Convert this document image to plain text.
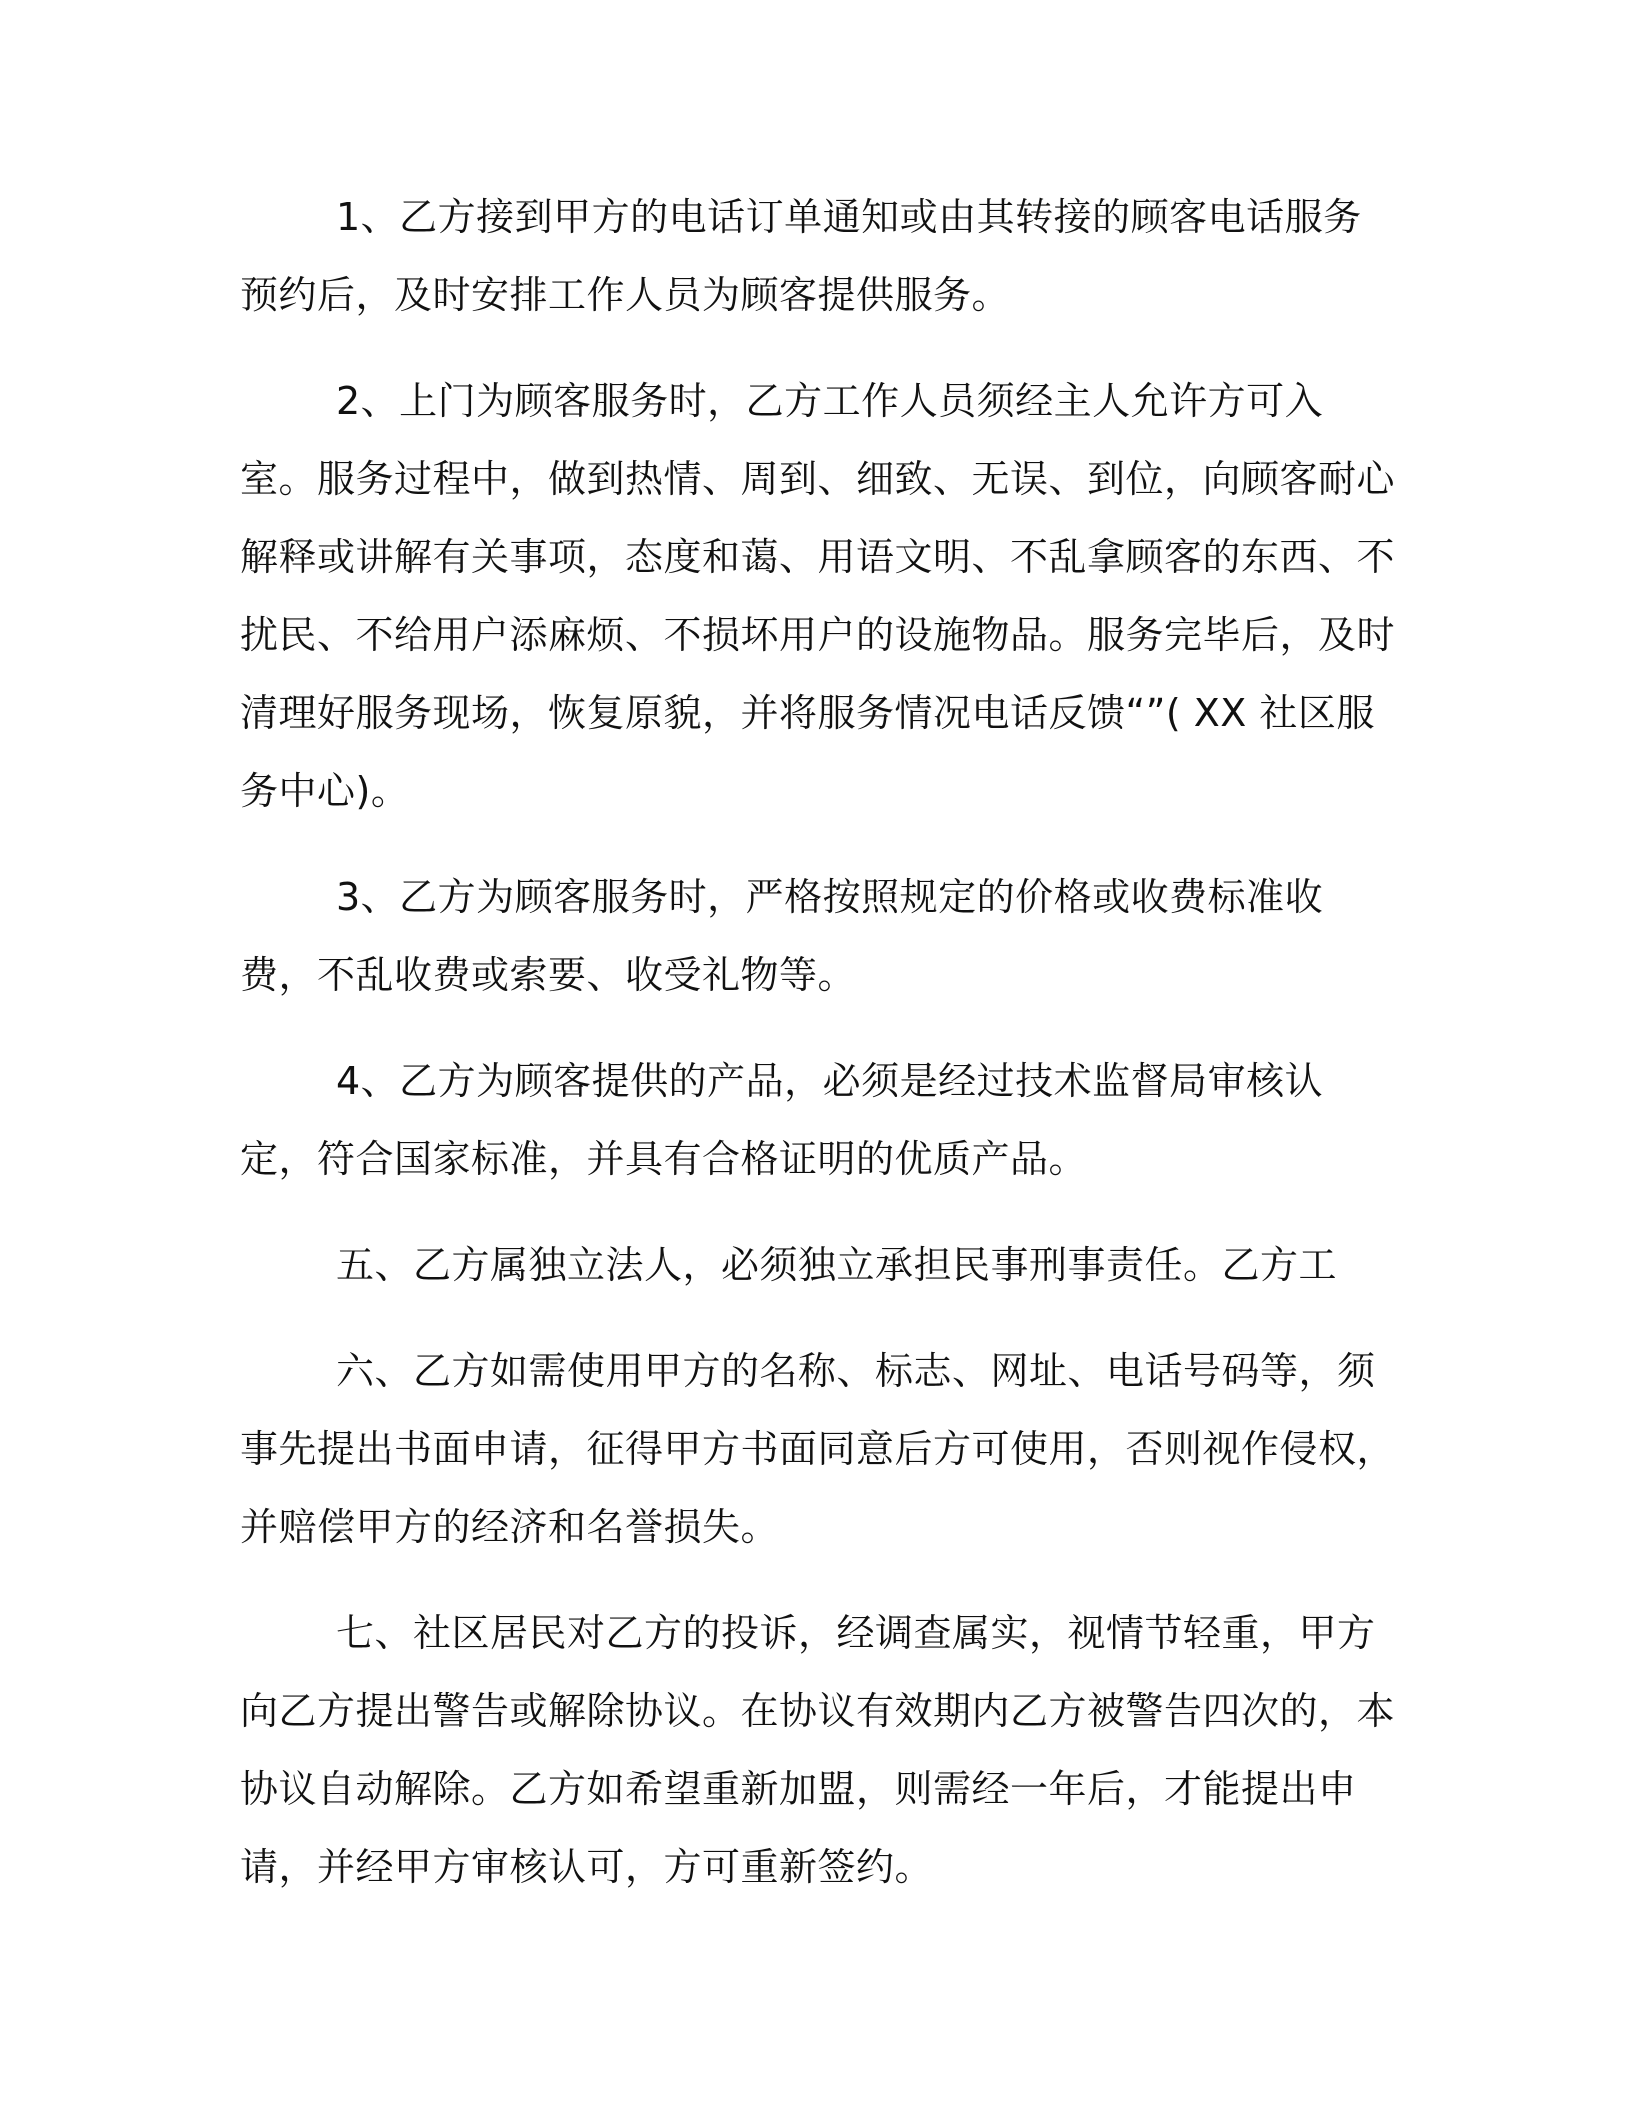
1、乙方接到甲方的电话订单通知或由其转接的顾客电话服务预约后，及时安排工作人员为顾客提供服务。

2、上门为顾客服务时，乙方工作人员须经主人允许方可入室。服务过程中，做到热情、周到、细致、无误、到位，向顾客耐心解释或讲解有关事项，态度和蔼、用语文明、不乱拿顾客的东西、不扰民、不给用户添麻烦、不损坏用户的设施物品。服务完毕后，及时清理好服务现场，恢复原貌，并将服务情况电话反馈“”( XX 社区服务中心)。

3、乙方为顾客服务时，严格按照规定的价格或收费标准收费，不乱收费或索要、收受礼物等。

4、乙方为顾客提供的产品，必须是经过技术监督局审核认定，符合国家标准，并具有合格证明的优质产品。

五、乙方属独立法人，必须独立承担民事刑事责任。乙方工

六、乙方如需使用甲方的名称、标志、网址、电话号码等，须事先提出书面申请，征得甲方书面同意后方可使用，否则视作侵权，并赔偿甲方的经济和名誉损失。

七、社区居民对乙方的投诉，经调查属实，视情节轻重，甲方向乙方提出警告或解除协议。在协议有效期内乙方被警告四次的，本协议自动解除。乙方如希望重新加盟，则需经一年后，才能提出申请，并经甲方审核认可，方可重新签约。
